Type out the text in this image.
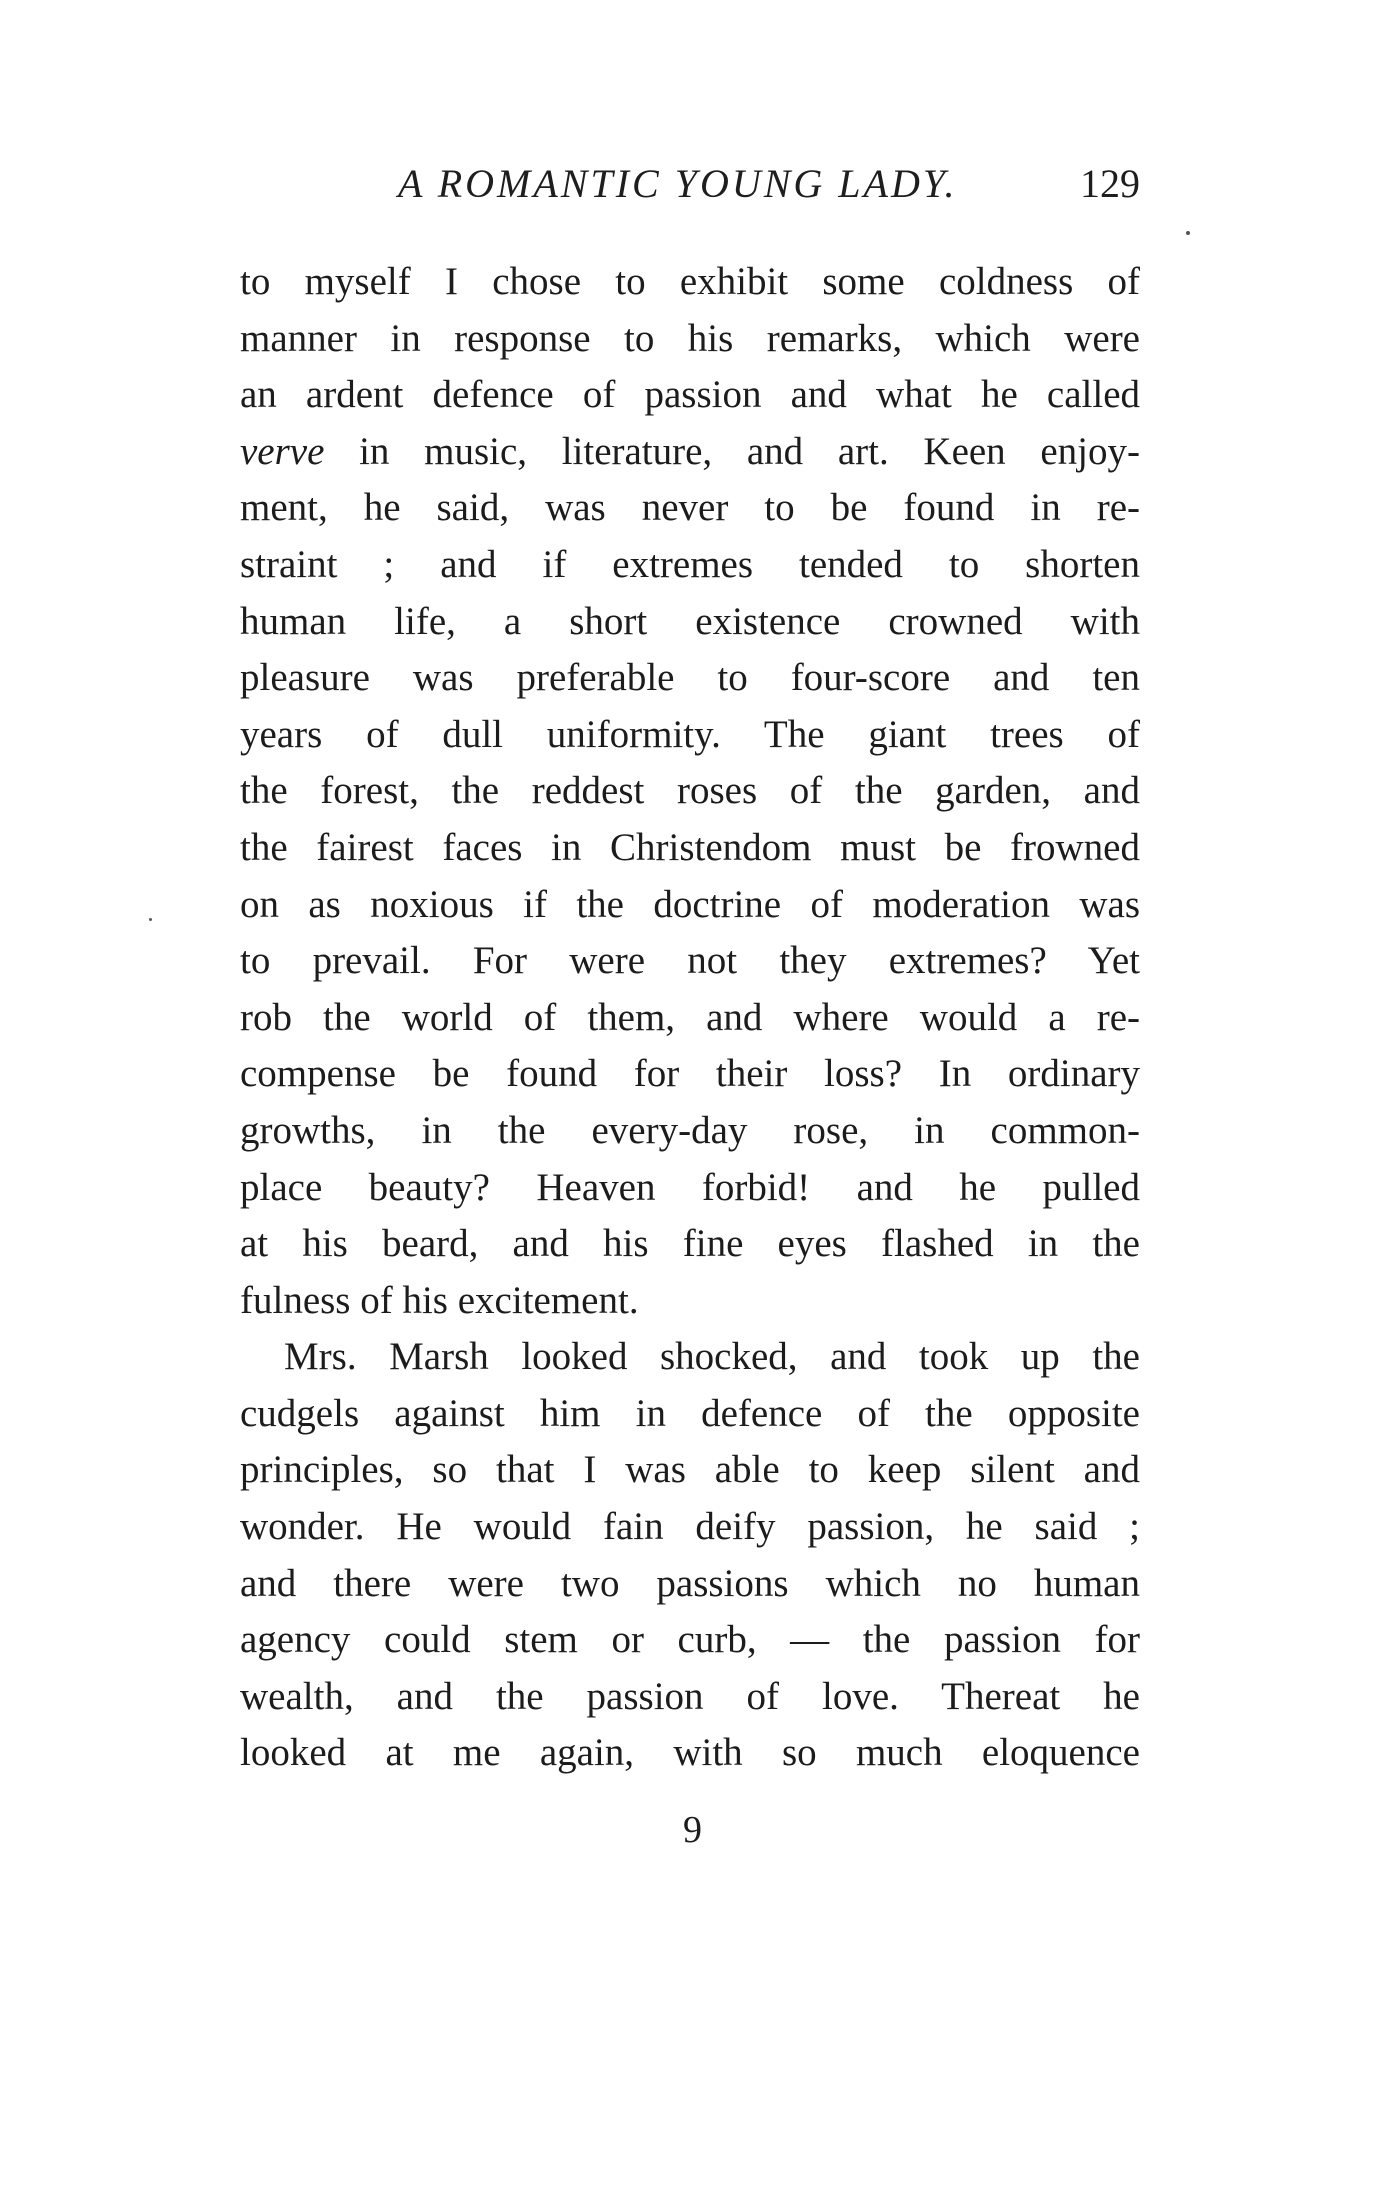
A ROMANTIC YOUNG LADY.	129
to myself I chose to exhibit some coldness of
manner in response to his remarks, which were
an ardent defence of passion and what he called
verve in music, literature, and art. Keen enjoy-
ment, he said, was never to be found in re-
straint ; and if extremes tended to shorten
human life, a short existence crowned with
pleasure was preferable to four-score and ten
years of dull uniformity. The giant trees of
the forest, the reddest roses of the garden, and
the fairest faces in Christendom must be frowned
on as noxious if the doctrine of moderation was
to prevail. For were not they extremes? Yet
rob the world of them, and where would a re-
compense be found for their loss? In ordinary
growths, in the every-day rose, in common-
place beauty? Heaven forbid! and he pulled
at his beard, and his fine eyes flashed in the
fulness of his excitement.
Mrs. Marsh looked shocked, and took up the
cudgels against him in defence of the opposite
principles, so that I was able to keep silent and
wonder. He would fain deify passion, he said ;
and there were two passions which no human
agency could stem or curb, — the passion for
wealth, and the passion of love. Thereat he
looked at me again, with so much eloquence
9
